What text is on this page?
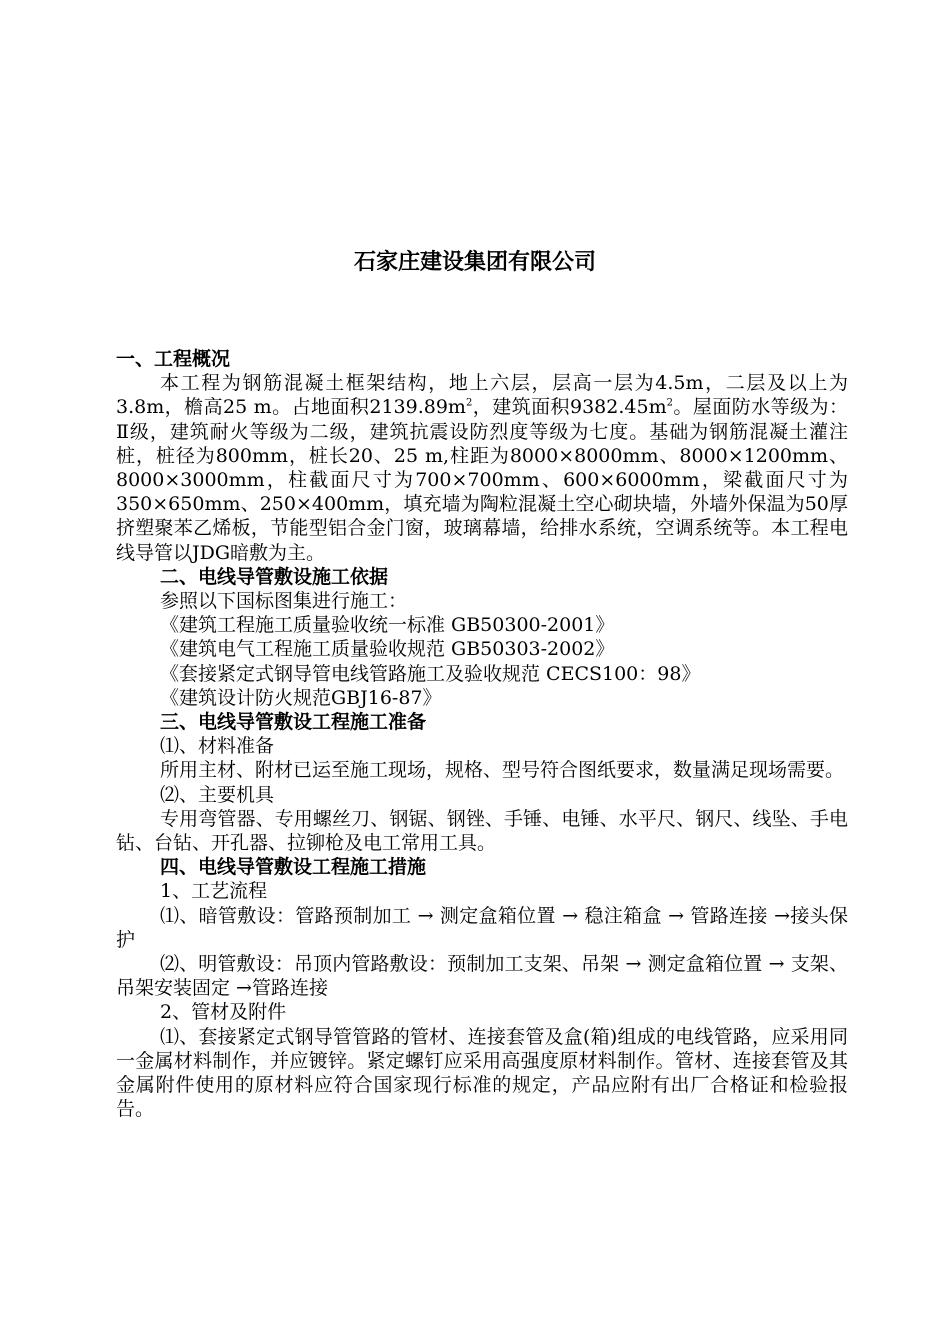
石家庄建设集团有限公司
一、工程概况
本工程为钢筋混凝土框架结构，地上六层，层高一层为4.5m，二层及以上为3.8m，檐高25 m。占地面积$2139.89m^2$，建筑面积$9382.45m^2$。屋面防水等级为：Ⅱ级，建筑耐火等级为二级，建筑抗震设防烈度等级为七度。基础为钢筋混凝土灌注桩，桩径为800mm，桩长20、25 m,柱距为8000×8000mm、8000×1200mm、8000×3000mm，柱截面尺寸为700×700mm、600×6000mm，梁截面尺寸为350×650mm、250×400mm，填充墙为陶粒混凝土空心砌块墙，外墙外保温为50厚挤塑聚苯乙烯板，节能型铝合金门窗，玻璃幕墙，给排水系统，空调系统等。本工程电线导管以JDG暗敷为主。
二、电线导管敷设施工依据
参照以下国标图集进行施工：
《建筑工程施工质量验收统一标准 GB50300-2001》
《建筑电气工程施工质量验收规范 GB50303-2002》
《套接紧定式钢导管电线管路施工及验收规范 CECS100：98》
《建筑设计防火规范GBJ16-87》
三、电线导管敷设工程施工准备
⑴、材料准备
所用主材、附材已运至施工现场，规格、型号符合图纸要求，数量满足现场需要。
⑵、主要机具
专用弯管器、专用螺丝刀、钢锯、钢锉、手锤、电锤、水平尺、钢尺、线坠、手电钻、台钻、开孔器、拉铆枪及电工常用工具。
四、电线导管敷设工程施工措施
1、工艺流程
⑴、暗管敷设：管路预制加工 → 测定盒箱位置 → 稳注箱盒 → 管路连接 →接头保护
⑵、明管敷设：吊顶内管路敷设：预制加工支架、吊架 → 测定盒箱位置 → 支架、吊架安装固定 →管路连接
2、管材及附件
⑴、套接紧定式钢导管管路的管材、连接套管及盒(箱)组成的电线管路，应采用同一金属材料制作，并应镀锌。紧定螺钉应采用高强度原材料制作。管材、连接套管及其金属附件使用的原材料应符合国家现行标准的规定，产品应附有出厂合格证和检验报告。
